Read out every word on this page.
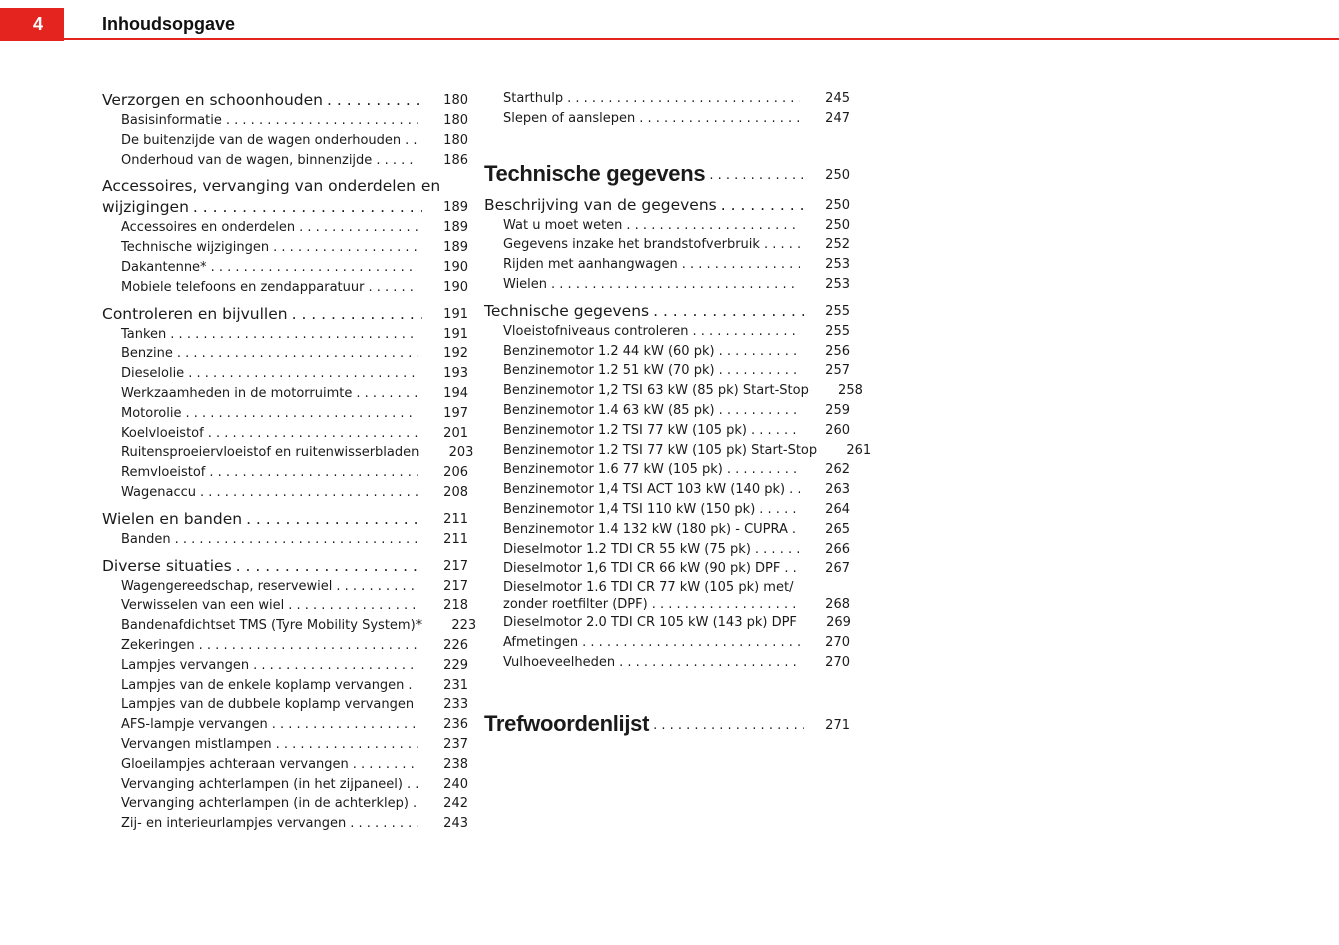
4	Inhoudsopgave
Verzorgen en schoonhouden . . .	180
Basisinformatie . . .	180
De buitenzijde van de wagen onderhouden . . .	180
Onderhoud van de wagen, binnenzijde . . .	186
Accessoires, vervanging van onderdelen en
wijzigingen . . .	189
Accessoires en onderdelen . . .	189
Technische wijzigingen . . .	189
Dakantenne* . . .	190
Mobiele telefoons en zendapparatuur . . .	190
Controleren en bijvullen . . .	191
Tanken . . .	191
Benzine . . .	192
Dieselolie . . .	193
Werkzaamheden in de motorruimte . . .	194
Motorolie . . .	197
Koelvloeistof . . .	201
Ruitensproeiervloeistof en ruitenwisserbladen	203
Remvloeistof . . .	206
Wagenaccu . . .	208
Wielen en banden . . .	211
Banden . . .	211
Diverse situaties . . .	217
Wagengereedschap, reservewiel . . .	217
Verwisselen van een wiel . . .	218
Bandenafdichtset TMS (Tyre Mobility System)*	223
Zekeringen . . .	226
Lampjes vervangen . . .	229
Lampjes van de enkele koplamp vervangen . . .	231
Lampjes van de dubbele koplamp vervangen	233
AFS-lampje vervangen . . .	236
Vervangen mistlampen . . .	237
Gloeilampjes achteraan vervangen . . .	238
Vervanging achterlampen (in het zijpaneel) . . .	240
Vervanging achterlampen (in de achterklep) . . .	242
Zij- en interieurlampjes vervangen . . .	243
Starthulp . . .	245
Slepen of aanslepen . . .	247
Technische gegevens . . .	250
Beschrijving van de gegevens . . .	250
Wat u moet weten . . .	250
Gegevens inzake het brandstofverbruik . . .	252
Rijden met aanhangwagen . . .	253
Wielen . . .	253
Technische gegevens . . .	255
Vloeistofniveaus controleren . . .	255
Benzinemotor 1.2 44 kW (60 pk) . . .	256
Benzinemotor 1.2 51 kW (70 pk) . . .	257
Benzinemotor 1,2 TSI 63 kW (85 pk) Start-Stop	258
Benzinemotor 1.4 63 kW (85 pk) . . .	259
Benzinemotor 1.2 TSI 77 kW (105 pk) . . .	260
Benzinemotor 1.2 TSI 77 kW (105 pk) Start-Stop	261
Benzinemotor 1.6 77 kW (105 pk) . . .	262
Benzinemotor 1,4 TSI ACT 103 kW (140 pk) . . .	263
Benzinemotor 1,4 TSI 110 kW (150 pk) . . .	264
Benzinemotor 1.4 132 kW (180 pk) - CUPRA . . .	265
Dieselmotor 1.2 TDI CR 55 kW (75 pk) . . .	266
Dieselmotor 1,6 TDI CR 66 kW (90 pk) DPF . . .	267
Dieselmotor 1.6 TDI CR 77 kW (105 pk) met/
zonder roetfilter (DPF) . . .	268
Dieselmotor 2.0 TDI CR 105 kW (143 pk) DPF	269
Afmetingen . . .	270
Vulhoeveelheden . . .	270
Trefwoordenlijst . . .	271
